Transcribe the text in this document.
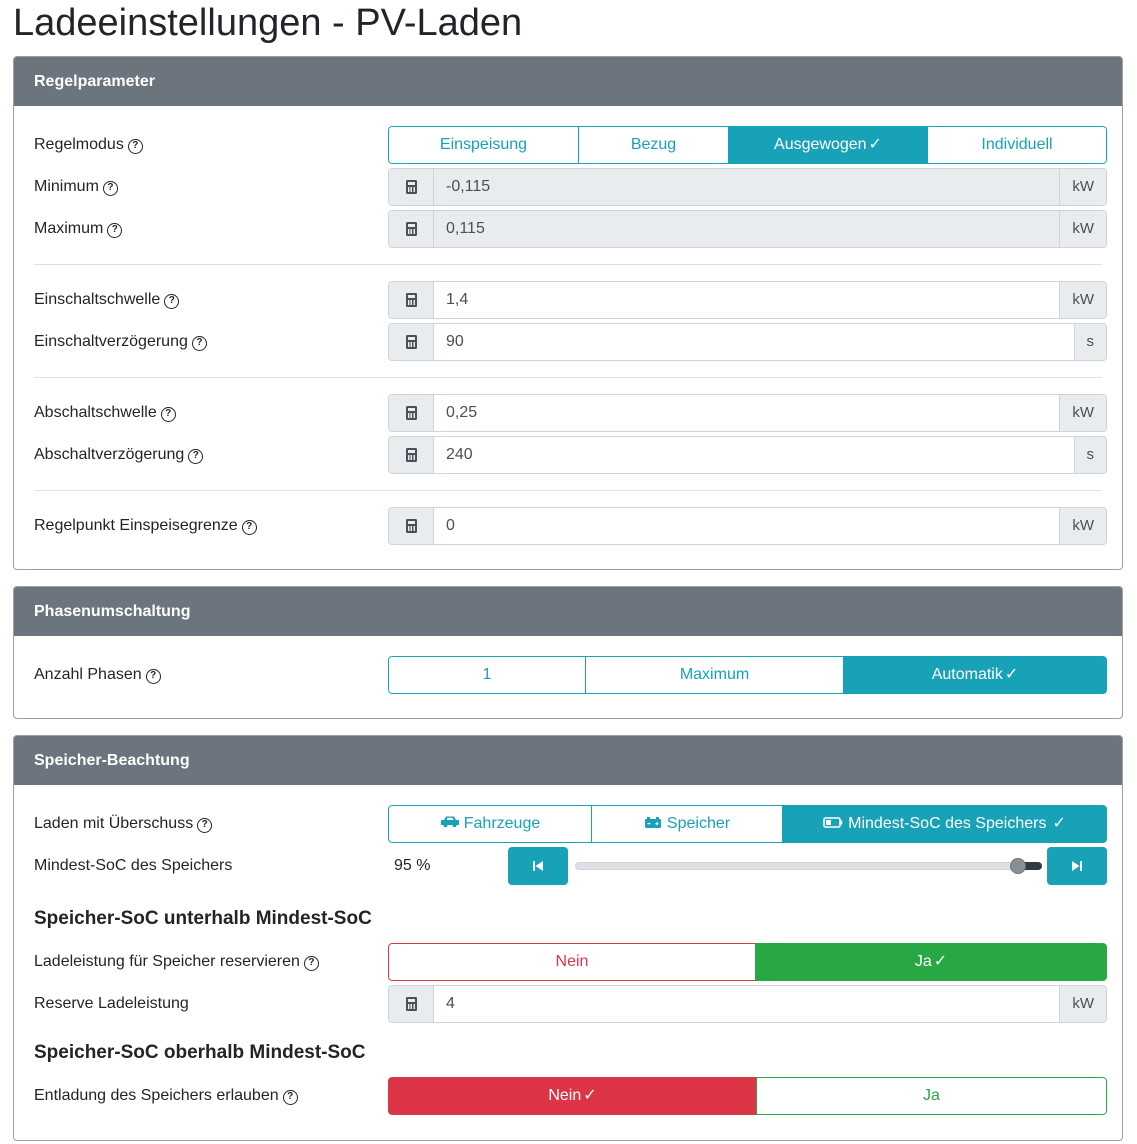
Ladeeinstellungen - PV-Laden
Regelparameter
Regelmodus ?	Einspeisung	Bezug	Ausgewogen ✓	Individuell
Minimum ?
-0,115	kW
Maximum ?
0,115	kW
Einschaltschwelle ?
1,4	kW
Einschaltverzögerung ?
90	s
Abschaltschwelle ?
0,25	kW
Abschaltverzögerung ?
240	s
Regelpunkt Einspeisegrenze ?
0	kW
Phasenumschaltung
Anzahl Phasen ?	1	Maximum	Automatik ✓
Speicher-Beachtung
Laden mit Überschuss ?	Fahrzeuge	Speicher	Mindest-SoC des Speichers ✓
Mindest-SoC des Speichers	95 %
Speicher-SoC unterhalb Mindest-SoC
Ladeleistung für Speicher reservieren ?	Nein	Ja ✓
Reserve Ladeleistung
4	kW
Speicher-SoC oberhalb Mindest-SoC
Entladung des Speichers erlauben ?	Nein ✓	Ja
